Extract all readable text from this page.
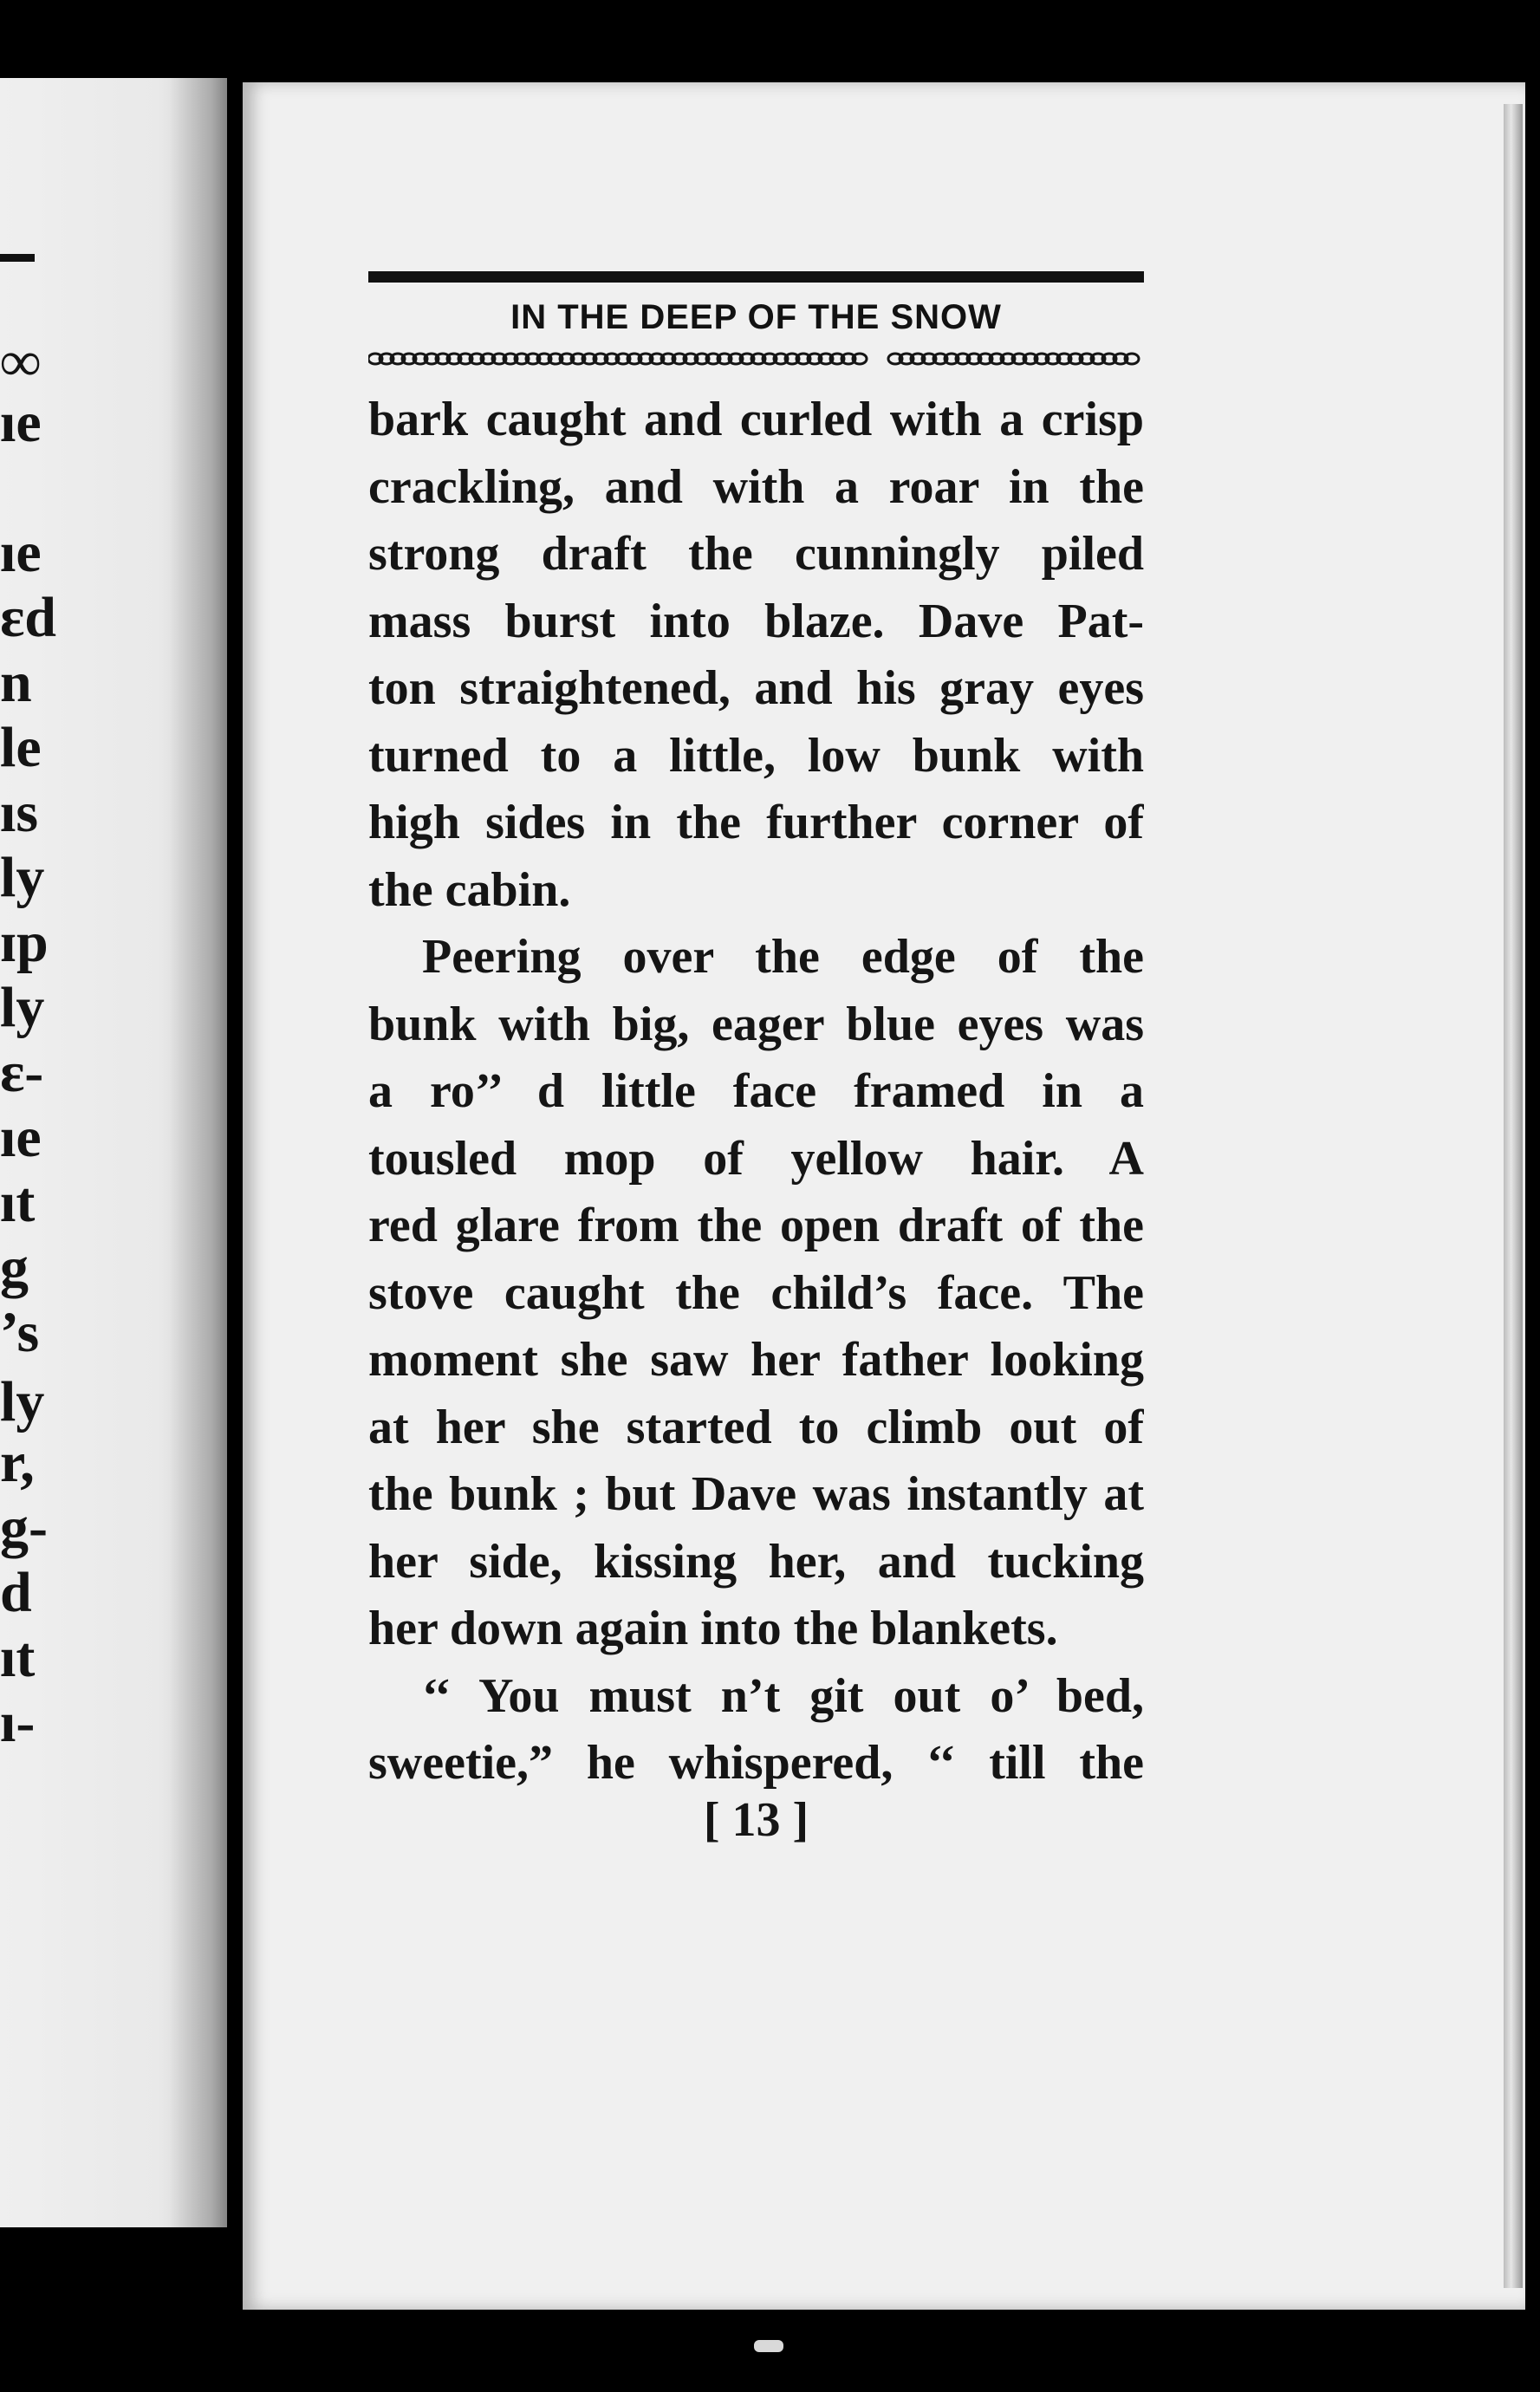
∞
ıe
ıe
ɛd
n
le
ıs
ly
ɪp
ly
ɛ-
ıe
ıt
g
’s
ly
r,
g-
d
ıt
ı-
IN THE DEEP OF THE SNOW
bark caught and curled with a crisp
crackling, and with a roar in the
strong draft the cunningly piled
mass burst into blaze. Dave Pat-
ton straightened, and his gray eyes
turned to a little, low bunk with
high sides in the further corner of
the cabin.
Peering over the edge of the
bunk with big, eager blue eyes was
a ro’’ d little face framed in a
tousled mop of yellow hair. A
red glare from the open draft of the
stove caught the child’s face. The
moment she saw her father looking
at her she started to climb out of
the bunk ; but Dave was instantly at
her side, kissing her, and tucking
her down again into the blankets.
‘‘ You must n’t git out o’ bed,
sweetie,” he whispered, ‘‘ till the
[ 13 ]
